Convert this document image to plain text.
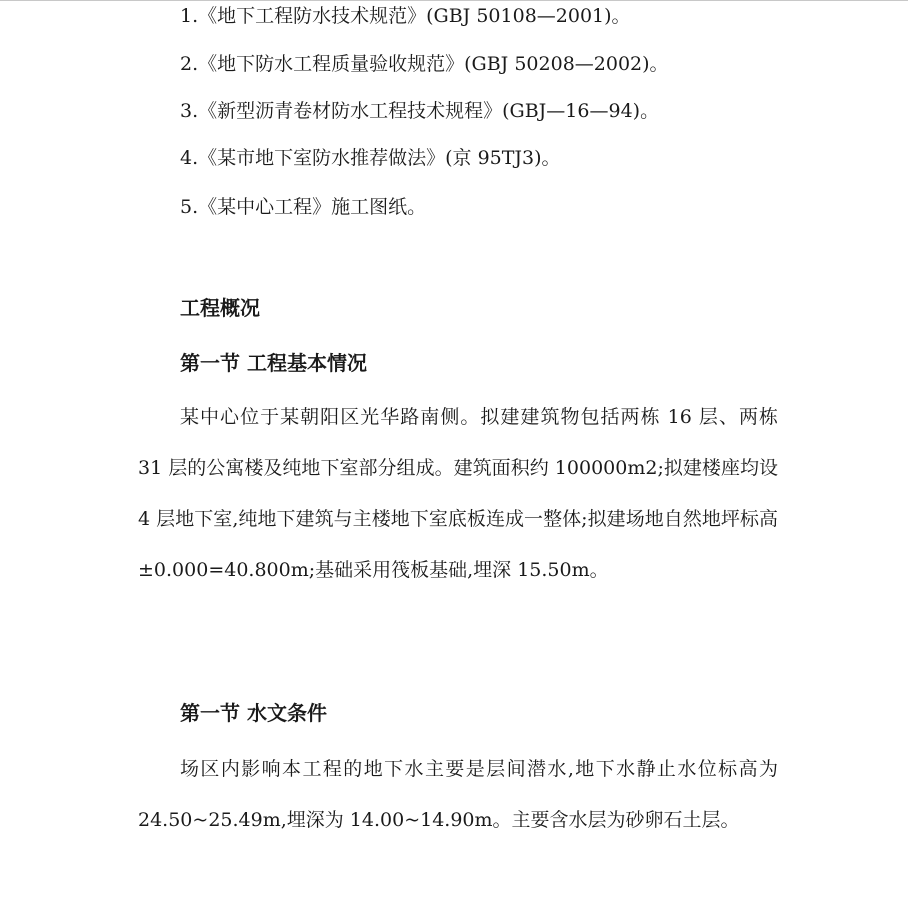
1.《地下工程防水技术规范》(GBJ 50108—2001)。
2.《地下防水工程质量验收规范》(GBJ 50208—2002)。
3.《新型沥青卷材防水工程技术规程》(GBJ—16—94)。
4.《某市地下室防水推荐做法》(京 95TJ3)。
5.《某中心工程》施工图纸。
工程概况
第一节 工程基本情况

某中心位于某朝阳区光华路南侧。拟建建筑物包括两栋 16 层、两栋 31 层的公寓楼及纯地下室部分组成。建筑面积约 100000m2;拟建楼座均设 4 层地下室,纯地下建筑与主楼地下室底板连成一整体;拟建场地自然地坪标高±0.000=40.800m;基础采用筏板基础,埋深 15.50m。

第一节 水文条件

场区内影响本工程的地下水主要是层间潜水,地下水静止水位标高为 24.50~25.49m,埋深为 14.00~14.90m。主要含水层为砂卵石土层。
